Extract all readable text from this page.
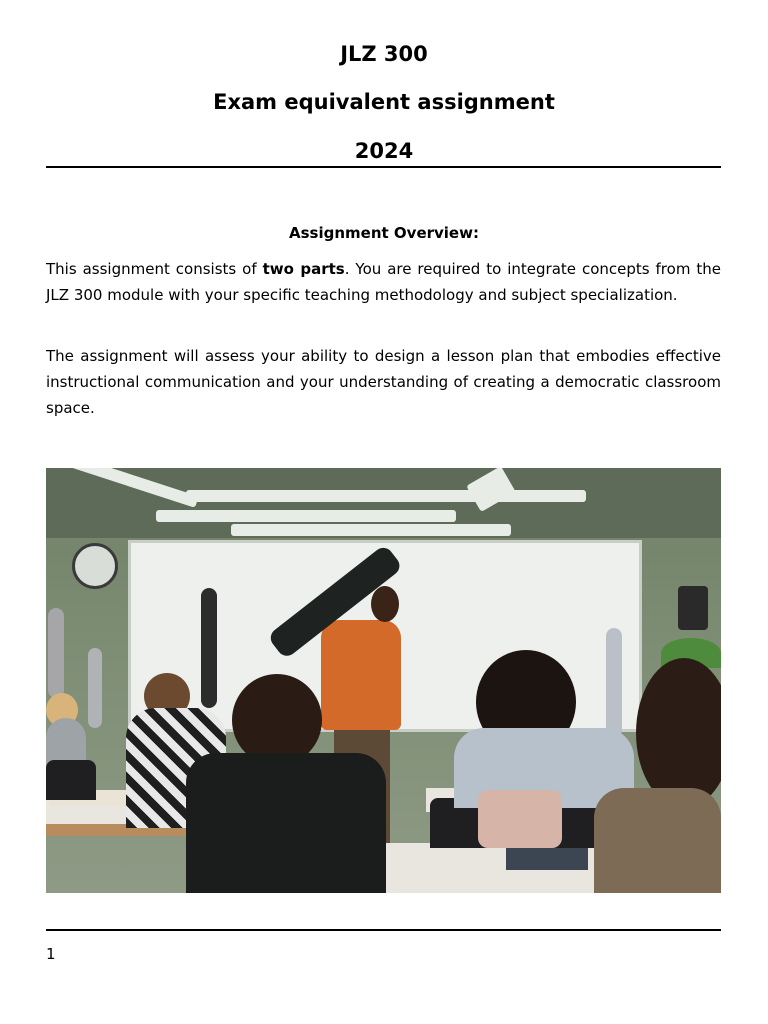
JLZ 300
Exam equivalent assignment
2024
Assignment Overview:

This assignment consists of two parts. You are required to integrate concepts from the JLZ 300 module with your specific teaching methodology and subject specialization.

The assignment will assess your ability to design a lesson plan that embodies effective instructional communication and your understanding of creating a democratic classroom space.

1
